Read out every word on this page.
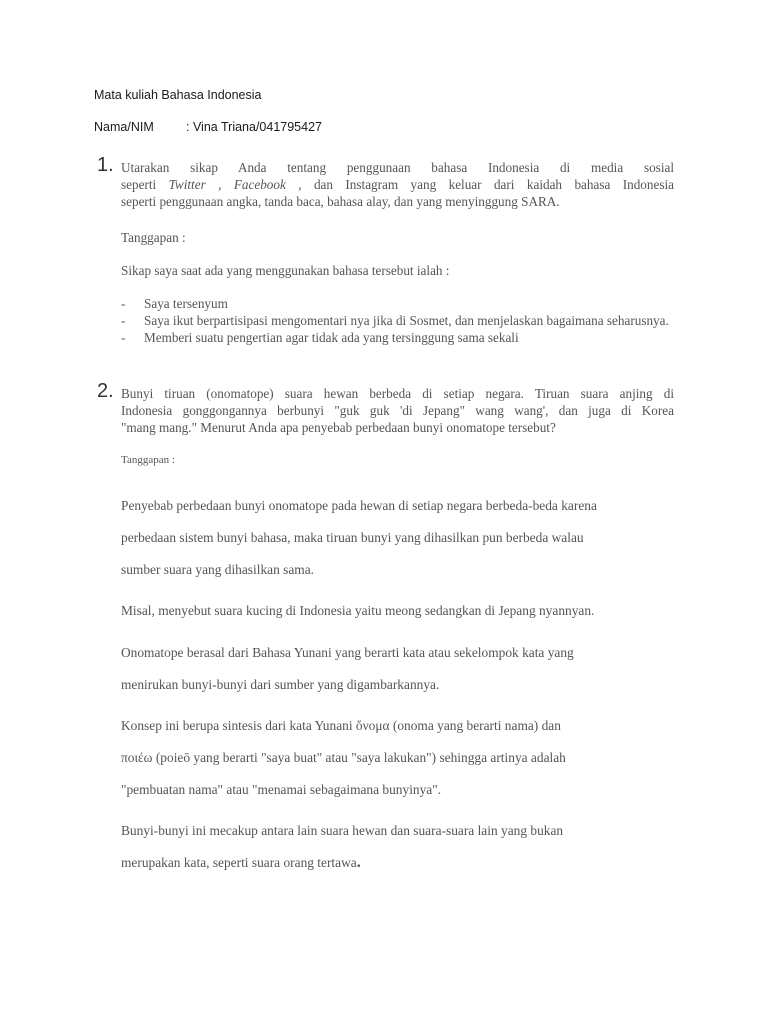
Mata kuliah Bahasa Indonesia
Nama/NIM	: Vina Triana/041795427
1. Utarakan sikap Anda tentang penggunaan bahasa Indonesia di media sosial
seperti Twitter , Facebook , dan Instagram yang keluar dari kaidah bahasa Indonesia
seperti penggunaan angka, tanda baca, bahasa alay, dan yang menyinggung SARA.
Tanggapan :
Sikap saya saat ada yang menggunakan bahasa tersebut ialah :
- Saya tersenyum
- Saya ikut berpartisipasi mengomentari nya jika di Sosmet, dan menjelaskan bagaimana seharusnya.
- Memberi suatu pengertian agar tidak ada yang tersinggung sama sekali
2. Bunyi tiruan (onomatope) suara hewan berbeda di setiap negara. Tiruan suara anjing di
Indonesia gonggongannya berbunyi "guk guk 'di Jepang" wang wang', dan juga di Korea
"mang mang." Menurut Anda apa penyebab perbedaan bunyi onomatope tersebut?
Tanggapan :

Penyebab perbedaan bunyi onomatope pada hewan di setiap negara berbeda-beda karena

perbedaan sistem bunyi bahasa, maka tiruan bunyi yang dihasilkan pun berbeda walau

sumber suara yang dihasilkan sama.

Misal, menyebut suara kucing di Indonesia yaitu meong sedangkan di Jepang nyannyan.

Onomatope berasal dari Bahasa Yunani yang berarti kata atau sekelompok kata yang

menirukan bunyi-bunyi dari sumber yang digambarkannya.

Konsep ini berupa sintesis dari kata Yunani ὄνομα (onoma yang berarti nama) dan

ποιέω (poieō yang berarti "saya buat" atau "saya lakukan") sehingga artinya adalah

"pembuatan nama" atau "menamai sebagaimana bunyinya".

Bunyi-bunyi ini mecakup antara lain suara hewan dan suara-suara lain yang bukan

merupakan kata, seperti suara orang tertawa.
